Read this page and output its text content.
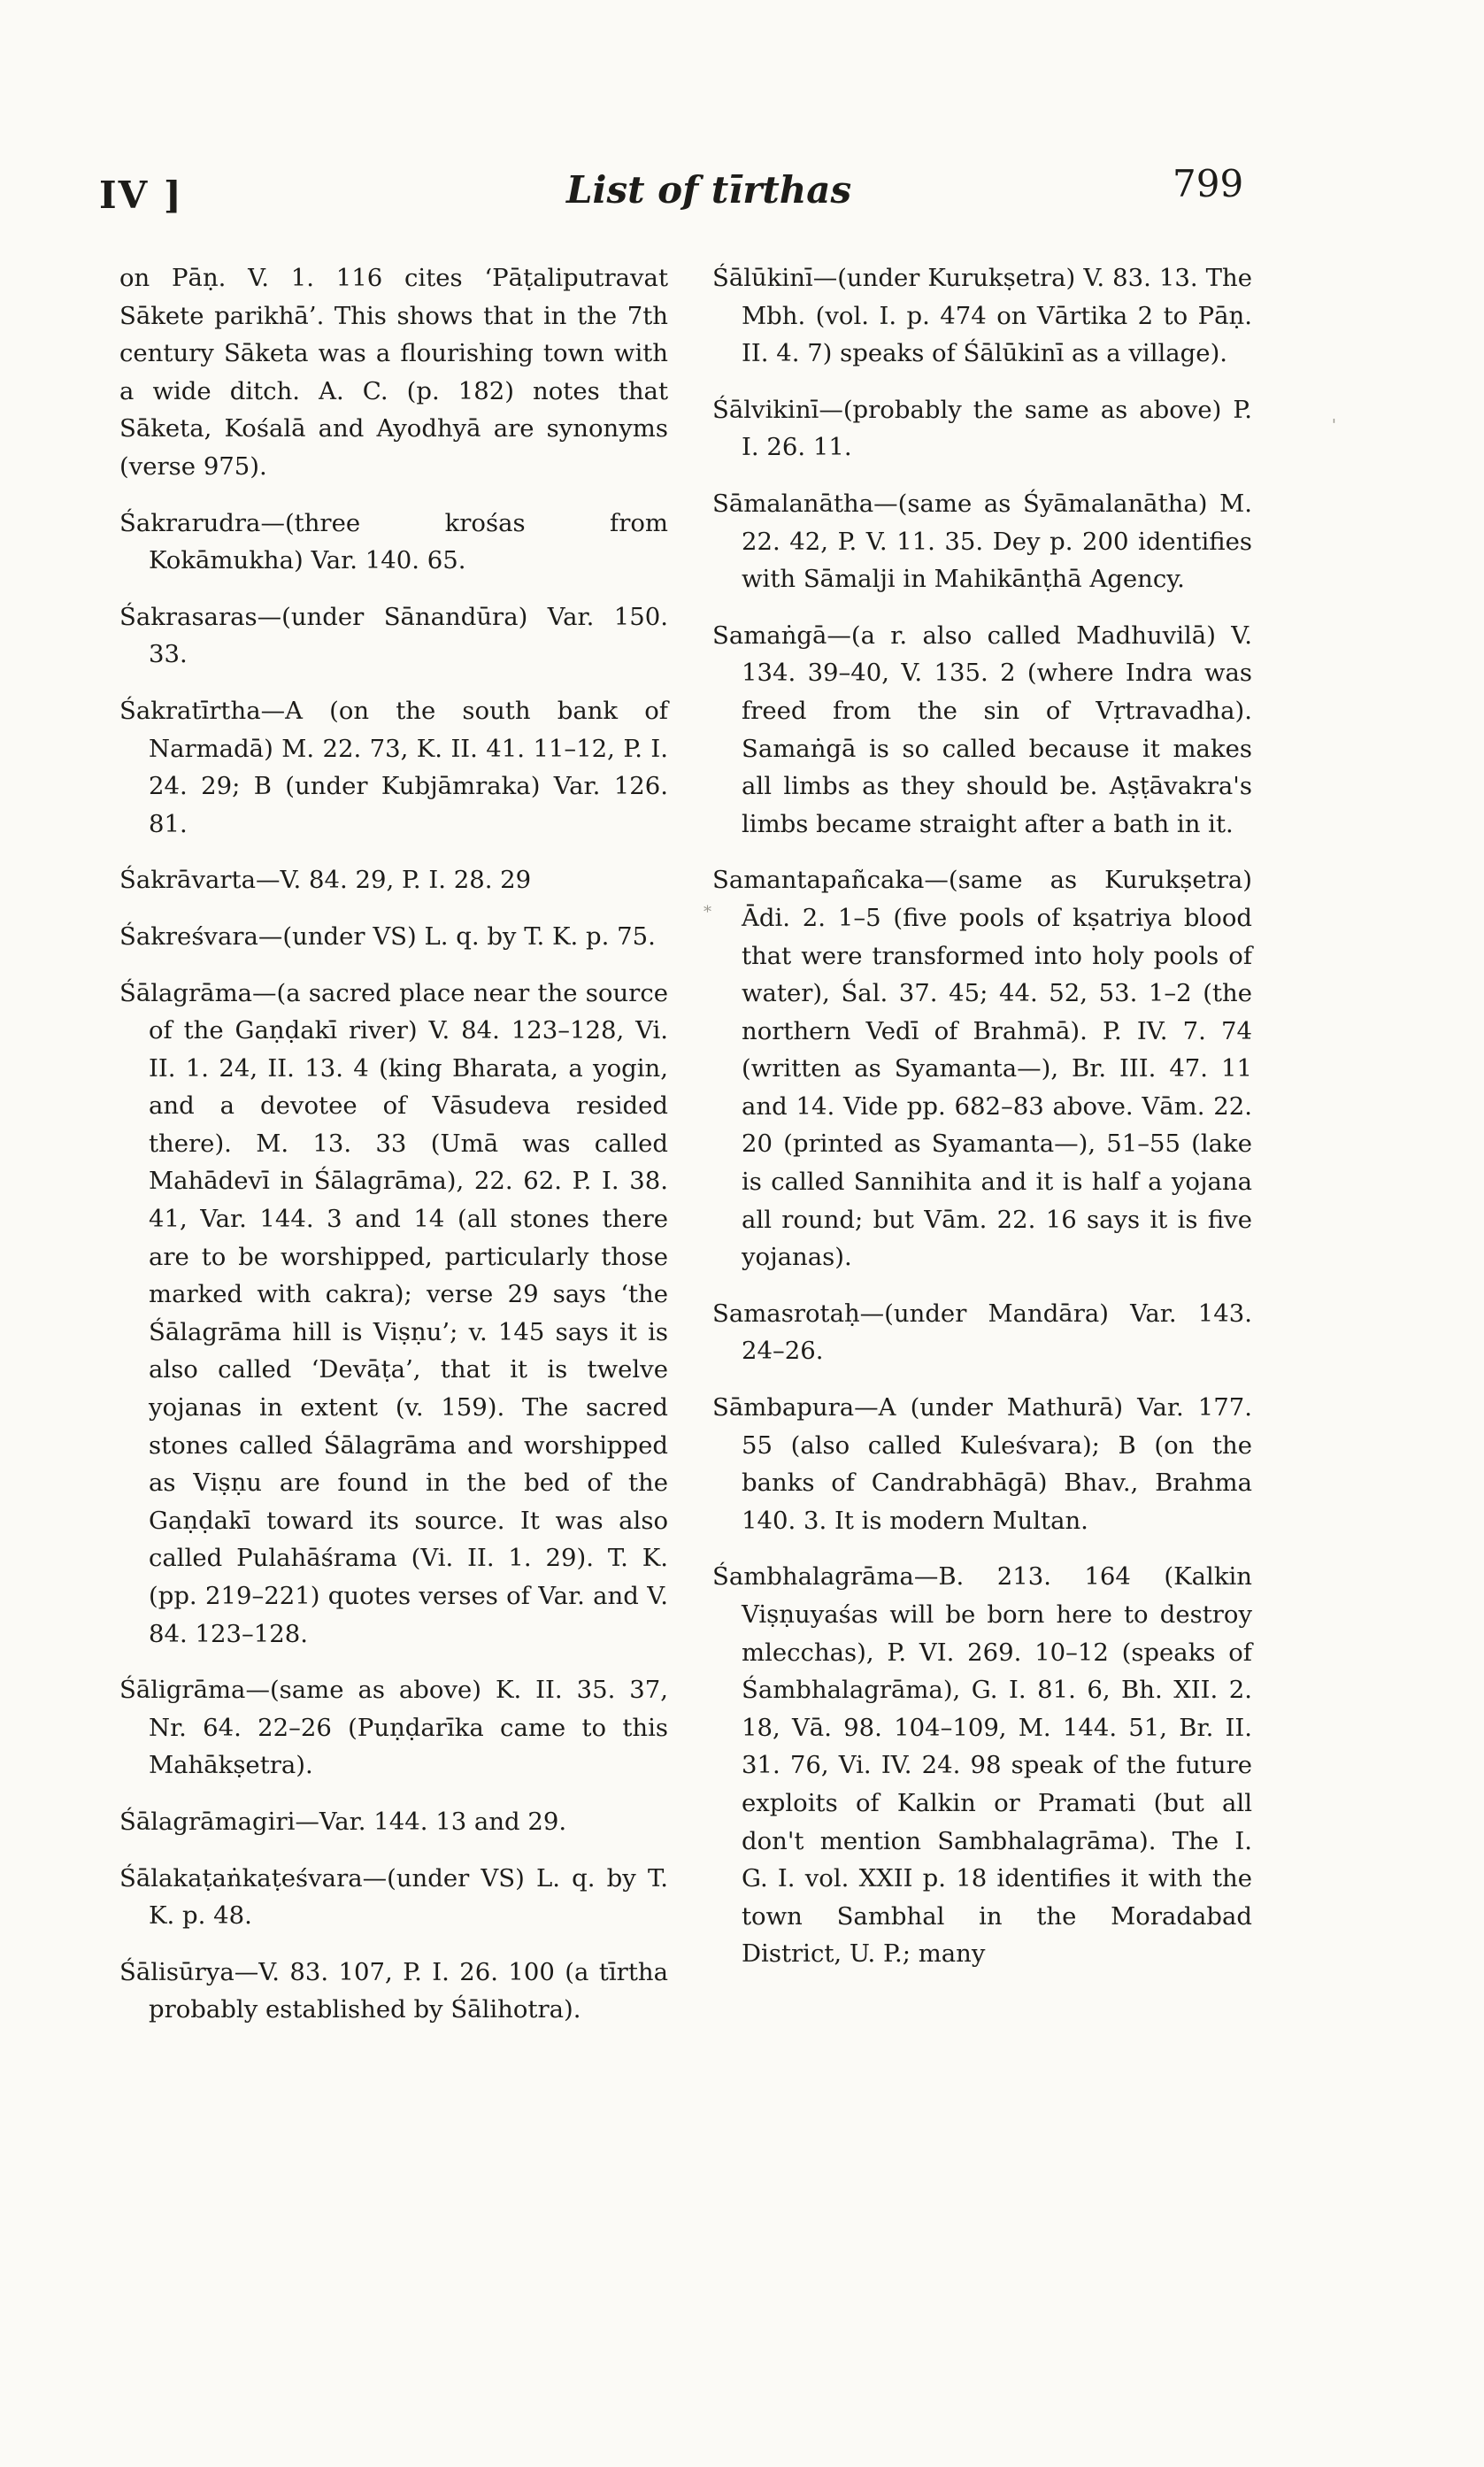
IV ]	List of tīrthas	799

on Pāṇ. V. 1. 116 cites ‘Pāṭaliputravat Sākete parikhā’. This shows that in the 7th century Sāketa was a flourishing town with a wide ditch. A. C. (p. 182) notes that Sāketa, Kośalā and Ayodhyā are synonyms (verse 975).

Śakrarudra—(three krośas from Kokāmukha) Var. 140. 65.

Śakrasaras—(under Sānandūra) Var. 150. 33.

Śakratīrtha—A (on the south bank of Narmadā) M. 22. 73, K. II. 41. 11–12, P. I. 24. 29; B (under Kubjāmraka) Var. 126. 81.

Śakrāvarta—V. 84. 29, P. I. 28. 29

Śakreśvara—(under VS) L. q. by T. K. p. 75.

Śālagrāma—(a sacred place near the source of the Gaṇḍakī river) V. 84. 123–128, Vi. II. 1. 24, II. 13. 4 (king Bharata, a yogin, and a devotee of Vāsudeva resided there). M. 13. 33 (Umā was called Mahādevī in Śālagrāma), 22. 62. P. I. 38. 41, Var. 144. 3 and 14 (all stones there are to be worshipped, particularly those marked with cakra); verse 29 says ‘the Śālagrāma hill is Viṣṇu’; v. 145 says it is also called ‘Devāṭa’, that it is twelve yojanas in extent (v. 159). The sacred stones called Śālagrāma and worshipped as Viṣṇu are found in the bed of the Gaṇḍakī toward its source. It was also called Pulahāśrama (Vi. II. 1. 29). T. K. (pp. 219–221) quotes verses of Var. and V. 84. 123–128.

Śāligrāma—(same as above) K. II. 35. 37, Nr. 64. 22–26 (Puṇḍarīka came to this Mahākṣetra).

Śālagrāmagiri—Var. 144. 13 and 29.

Śālakaṭaṅkaṭeśvara—(under VS) L. q. by T. K. p. 48.

Śālisūrya—V. 83. 107, P. I. 26. 100 (a tīrtha probably established by Śālihotra).

Śālūkinī—(under Kurukṣetra) V. 83. 13. The Mbh. (vol. I. p. 474 on Vārtika 2 to Pāṇ. II. 4. 7) speaks of Śālūkinī as a village).

Śālvikinī—(probably the same as above) P. I. 26. 11.

Sāmalanātha—(same as Śyāmalanātha) M. 22. 42, P. V. 11. 35. Dey p. 200 identifies with Sāmalji in Mahikānṭhā Agency.

Samaṅgā—(a r. also called Madhuvilā) V. 134. 39–40, V. 135. 2 (where Indra was freed from the sin of Vṛtravadha). Samaṅgā is so called because it makes all limbs as they should be. Aṣṭāvakra's limbs became straight after a bath in it.

Samantapañcaka—(same as Kurukṣetra) Ādi. 2. 1–5 (five pools of kṣatriya blood that were transformed into holy pools of water), Śal. 37. 45; 44. 52, 53. 1–2 (the northern Vedī of Brahmā). P. IV. 7. 74 (written as Syamanta—), Br. III. 47. 11 and 14. Vide pp. 682–83 above. Vām. 22. 20 (printed as Syamanta—), 51–55 (lake is called Sannihita and it is half a yojana all round; but Vām. 22. 16 says it is five yojanas).

Samasrotaḥ—(under Mandāra) Var. 143. 24–26.

Sāmbapura—A (under Mathurā) Var. 177. 55 (also called Kuleśvara); B (on the banks of Candrabhāgā) Bhav., Brahma 140. 3. It is modern Multan.

Śambhalagrāma—B. 213. 164 (Kalkin Viṣṇuyaśas will be born here to destroy mlecchas), P. VI. 269. 10–12 (speaks of Śambhalagrāma), G. I. 81. 6, Bh. XII. 2. 18, Vā. 98. 104–109, M. 144. 51, Br. II. 31. 76, Vi. IV. 24. 98 speak of the future exploits of Kalkin or Pramati (but all don't mention Sambhalagrāma). The I. G. I. vol. XXII p. 18 identifies it with the town Sambhal in the Moradabad District, U. P.; many

'
*
